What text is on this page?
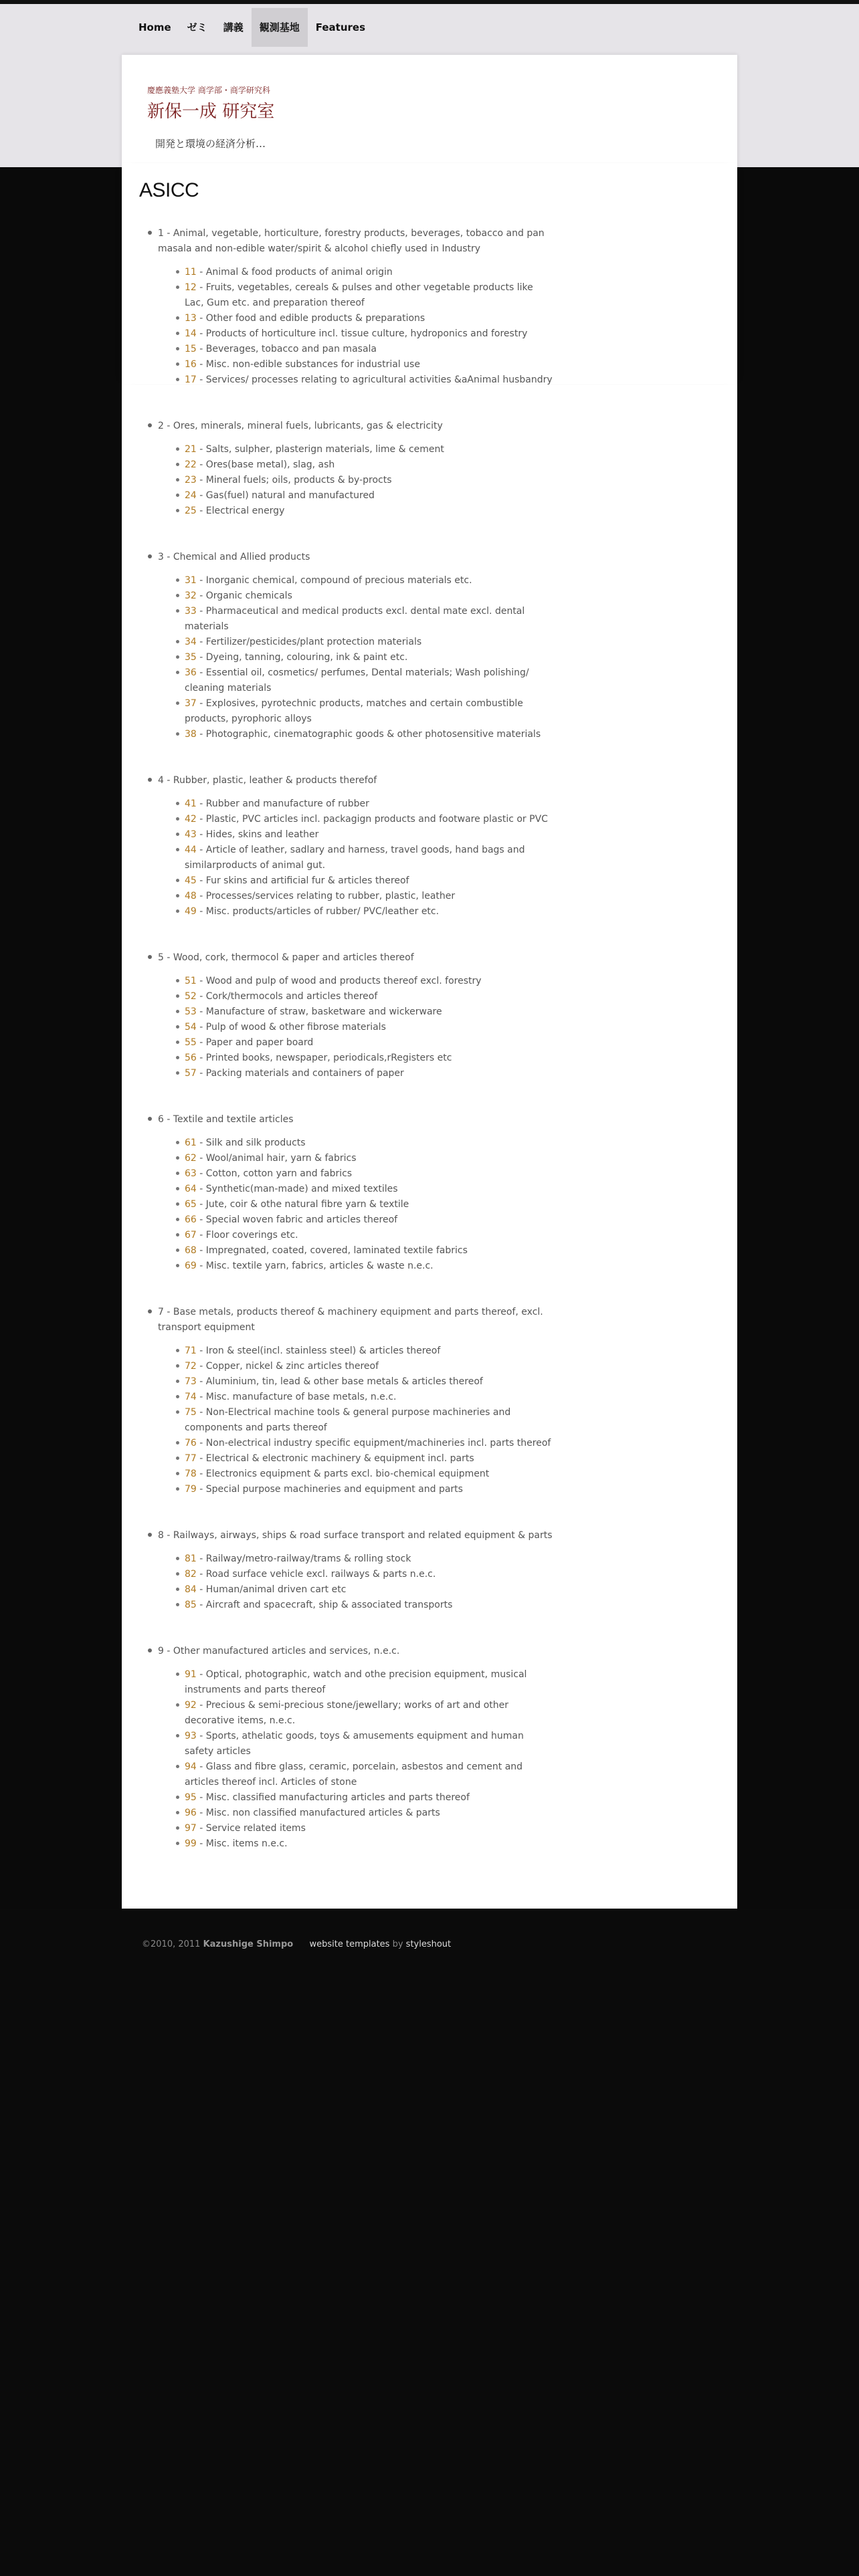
Home	ゼミ	講義	観測基地	Features
慶應義塾大学 商学部・商学研究科
新保一成 研究室
開発と環境の経済分析…
ASICC
1 - Animal, vegetable, horticulture, forestry products, beverages, tobacco and pan masala and non-edible water/spirit & alcohol chiefly used in Industry
11 - Animal & food products of animal origin
12 - Fruits, vegetables, cereals & pulses and other vegetable products like Lac, Gum etc. and preparation thereof
13 - Other food and edible products & preparations
14 - Products of horticulture incl. tissue culture, hydroponics and forestry
15 - Beverages, tobacco and pan masala
16 - Misc. non-edible substances for industrial use
17 - Services/ processes relating to agricultural activities &aAnimal husbandry
2 - Ores, minerals, mineral fuels, lubricants, gas & electricity
21 - Salts, sulpher, plasterign materials, lime & cement
22 - Ores(base metal), slag, ash
23 - Mineral fuels; oils, products & by-procts
24 - Gas(fuel) natural and manufactured
25 - Electrical energy
3 - Chemical and Allied products
31 - Inorganic chemical, compound of precious materials etc.
32 - Organic chemicals
33 - Pharmaceutical and medical products excl. dental mate excl. dental materials
34 - Fertilizer/pesticides/plant protection materials
35 - Dyeing, tanning, colouring, ink & paint etc.
36 - Essential oil, cosmetics/ perfumes, Dental materials; Wash polishing/ cleaning materials
37 - Explosives, pyrotechnic products, matches and certain combustible products, pyrophoric alloys
38 - Photographic, cinematographic goods & other photosensitive materials
4 - Rubber, plastic, leather & products therefof
41 - Rubber and manufacture of rubber
42 - Plastic, PVC articles incl. packagign products and footware plastic or PVC
43 - Hides, skins and leather
44 - Article of leather, sadlary and harness, travel goods, hand bags and similarproducts of animal gut.
45 - Fur skins and artificial fur & articles thereof
48 - Processes/services relating to rubber, plastic, leather
49 - Misc. products/articles of rubber/ PVC/leather etc.
5 - Wood, cork, thermocol & paper and articles thereof
51 - Wood and pulp of wood and products thereof excl. forestry
52 - Cork/thermocols and articles thereof
53 - Manufacture of straw, basketware and wickerware
54 - Pulp of wood & other fibrose materials
55 - Paper and paper board
56 - Printed books, newspaper, periodicals,rRegisters etc
57 - Packing materials and containers of paper
6 - Textile and textile articles
61 - Silk and silk products
62 - Wool/animal hair, yarn & fabrics
63 - Cotton, cotton yarn and fabrics
64 - Synthetic(man-made) and mixed textiles
65 - Jute, coir & othe natural fibre yarn & textile
66 - Special woven fabric and articles thereof
67 - Floor coverings etc.
68 - Impregnated, coated, covered, laminated textile fabrics
69 - Misc. textile yarn, fabrics, articles & waste n.e.c.
7 - Base metals, products thereof & machinery equipment and parts thereof, excl. transport equipment
71 - Iron & steel(incl. stainless steel) & articles thereof
72 - Copper, nickel & zinc articles thereof
73 - Aluminium, tin, lead & other base metals & articles thereof
74 - Misc. manufacture of base metals, n.e.c.
75 - Non-Electrical machine tools & general purpose machineries and components and parts thereof
76 - Non-electrical industry specific equipment/machineries incl. parts thereof
77 - Electrical & electronic machinery & equipment incl. parts
78 - Electronics equipment & parts excl. bio-chemical equipment
79 - Special purpose machineries and equipment and parts
8 - Railways, airways, ships & road surface transport and related equipment & parts
81 - Railway/metro-railway/trams & rolling stock
82 - Road surface vehicle excl. railways & parts n.e.c.
84 - Human/animal driven cart etc
85 - Aircraft and spacecraft, ship & associated transports
9 - Other manufactured articles and services, n.e.c.
91 - Optical, photographic, watch and othe precision equipment, musical instruments and parts thereof
92 - Precious & semi-precious stone/jewellary; works of art and other decorative items, n.e.c.
93 - Sports, athelatic goods, toys & amusements equipment and human safety articles
94 - Glass and fibre glass, ceramic, porcelain, asbestos and cement and articles thereof incl. Articles of stone
95 - Misc. classified manufacturing articles and parts thereof
96 - Misc. non classified manufactured articles & parts
97 - Service related items
99 - Misc. items n.e.c.
©2010, 2011 Kazushige Shimpo website templates by styleshout
